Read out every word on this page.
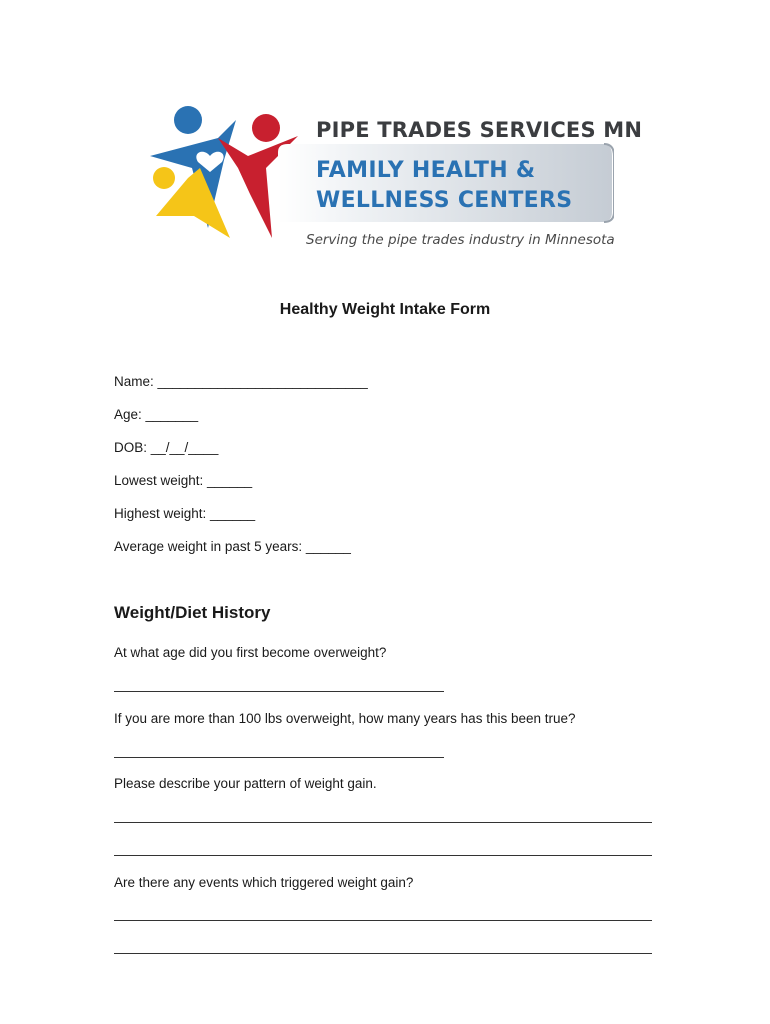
PIPE TRADES SERVICES MN
FAMILY HEALTH &
WELLNESS CENTERS
Serving the pipe trades industry in Minnesota
Healthy Weight Intake Form
Name: ____________________________
Age: _______
DOB: __/__/____
Lowest weight: ______
Highest weight: ______
Average weight in past 5 years: ______
Weight/Diet History
At what age did you first become overweight?
If you are more than 100 lbs overweight, how many years has this been true?
Please describe your pattern of weight gain.
Are there any events which triggered weight gain?
